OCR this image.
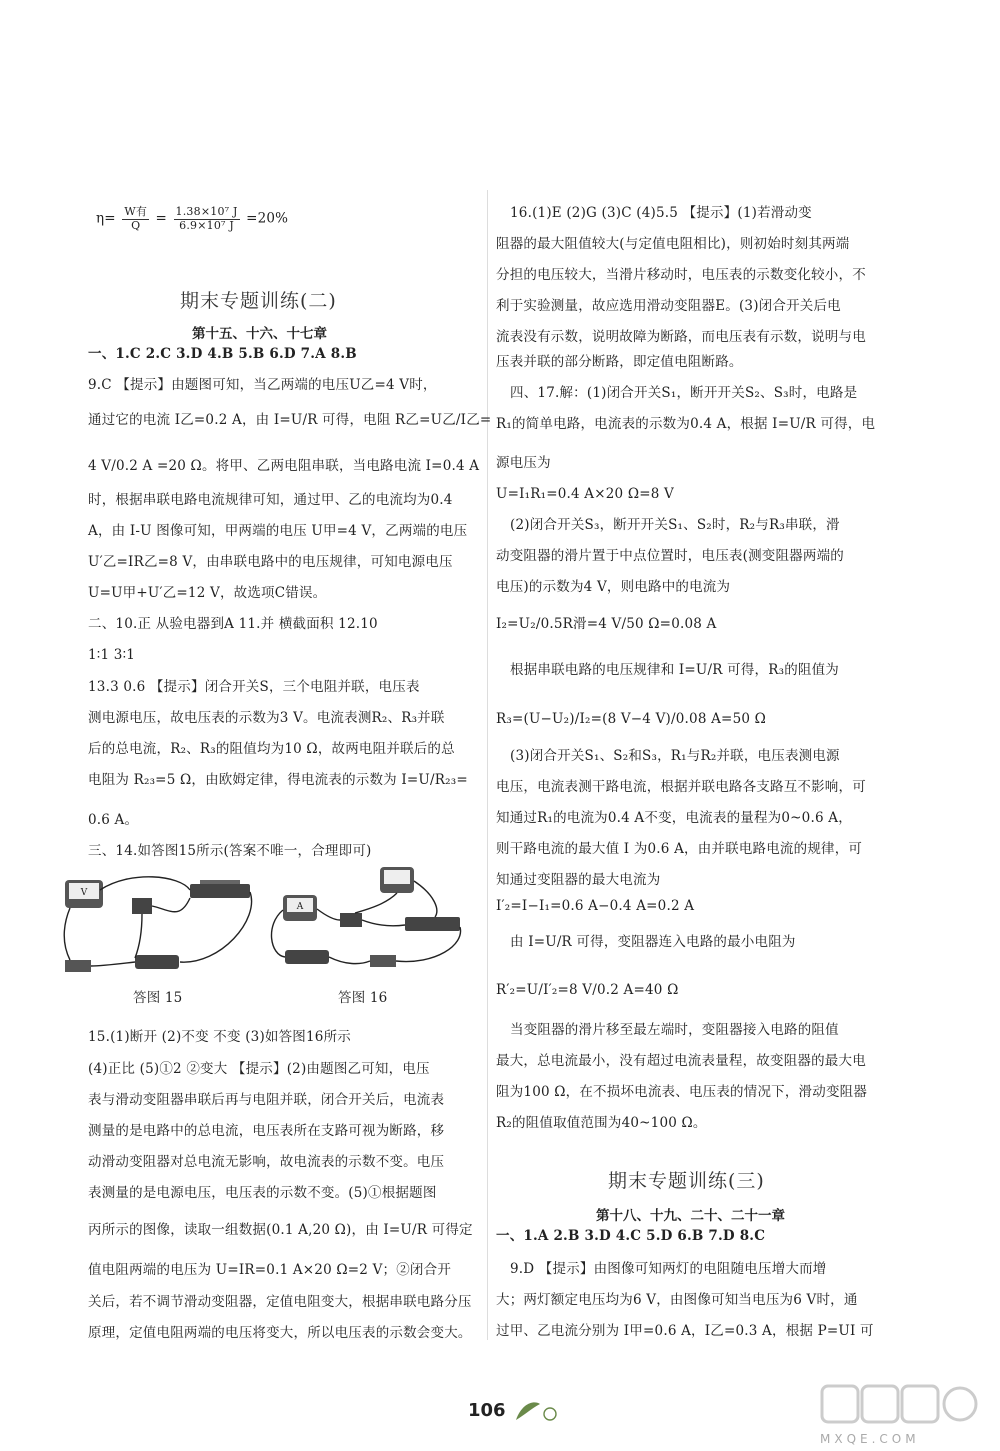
$\eta= \frac{\text{W有}}{Q} = \frac{\text{1.38×10⁷ J}}{\text{6.9×10⁷ J}} =20\%$
期末专题训练(二)
第十五、十六、十七章
一、1.C 2.C 3.D 4.B 5.B 6.D 7.A 8.B
9.C 【提示】由题图可知，当乙两端的电压U乙=4 V时，
通过它的电流 I乙=0.2 A，由 I=U/R 可得，电阻 R乙=U乙/I乙=
4 V/0.2 A =20 Ω。将甲、乙两电阻串联，当电路电流 I=0.4 A
时，根据串联电路电流规律可知，通过甲、乙的电流均为0.4
A，由 I-U 图像可知，甲两端的电压 U甲=4 V，乙两端的电压
U′乙=IR乙=8 V，由串联电路中的电压规律，可知电源电压
U=U甲+U′乙=12 V，故选项C错误。
二、10.正 从验电器到A 11.并 横截面积 12.10
1∶1 3∶1
13.3 0.6 【提示】闭合开关S，三个电阻并联，电压表
测电源电压，故电压表的示数为3 V。电流表测R₂、R₃并联
后的总电流，R₂、R₃的阻值均为10 Ω，故两电阻并联后的总
电阻为 R₂₃=5 Ω，由欧姆定律，得电流表的示数为 I=U/R₂₃=
0.6 A。
三、14.如答图15所示(答案不唯一，合理即可)
V
答图 15
A
答图 16
15.(1)断开 (2)不变 不变 (3)如答图16所示
(4)正比 (5)①2 ②变大 【提示】(2)由题图乙可知，电压
表与滑动变阻器串联后再与电阻并联，闭合开关后，电流表
测量的是电路中的总电流，电压表所在支路可视为断路，移
动滑动变阻器对总电流无影响，故电流表的示数不变。电压
表测量的是电源电压，电压表的示数不变。(5)①根据题图
丙所示的图像，读取一组数据(0.1 A,20 Ω)，由 I=U/R 可得定
值电阻两端的电压为 U=IR=0.1 A×20 Ω=2 V；②闭合开
关后，若不调节滑动变阻器，定值电阻变大，根据串联电路分压
原理，定值电阻两端的电压将变大，所以电压表的示数会变大。
16.(1)E (2)G (3)C (4)5.5 【提示】(1)若滑动变
阻器的最大阻值较大(与定值电阻相比)，则初始时刻其两端
分担的电压较大，当滑片移动时，电压表的示数变化较小，不
利于实验测量，故应选用滑动变阻器E。(3)闭合开关后电
流表没有示数，说明故障为断路，而电压表有示数，说明与电
压表并联的部分断路，即定值电阻断路。
四、17.解：(1)闭合开关S₁，断开开关S₂、S₃时，电路是
R₁的简单电路，电流表的示数为0.4 A，根据 I=U/R 可得，电
源电压为
U=I₁R₁=0.4 A×20 Ω=8 V
(2)闭合开关S₃，断开开关S₁、S₂时，R₂与R₃串联，滑
动变阻器的滑片置于中点位置时，电压表(测变阻器两端的
电压)的示数为4 V，则电路中的电流为
I₂=U₂/0.5R滑=4 V/50 Ω=0.08 A
根据串联电路的电压规律和 I=U/R 可得，R₃的阻值为
R₃=(U−U₂)/I₂=(8 V−4 V)/0.08 A=50 Ω
(3)闭合开关S₁、S₂和S₃，R₁与R₂并联，电压表测电源
电压，电流表测干路电流，根据并联电路各支路互不影响，可
知通过R₁的电流为0.4 A不变，电流表的量程为0~0.6 A，
则干路电流的最大值 I 为0.6 A，由并联电路电流的规律，可
知通过变阻器的最大电流为
I′₂=I−I₁=0.6 A−0.4 A=0.2 A
由 I=U/R 可得，变阻器连入电路的最小电阻为
R′₂=U/I′₂=8 V/0.2 A=40 Ω
当变阻器的滑片移至最左端时，变阻器接入电路的阻值
最大，总电流最小，没有超过电流表量程，故变阻器的最大电
阻为100 Ω，在不损坏电流表、电压表的情况下，滑动变阻器
R₂的阻值取值范围为40~100 Ω。
期末专题训练(三)
第十八、十九、二十、二十一章
一、1.A 2.B 3.D 4.C 5.D 6.B 7.D 8.C
9.D 【提示】由图像可知两灯的电阻随电压增大而增
大；两灯额定电压均为6 V，由图像可知当电压为6 V时，通
过甲、乙电流分别为 I甲=0.6 A，I乙=0.3 A，根据 P=UI 可
106
MXQE.COM
